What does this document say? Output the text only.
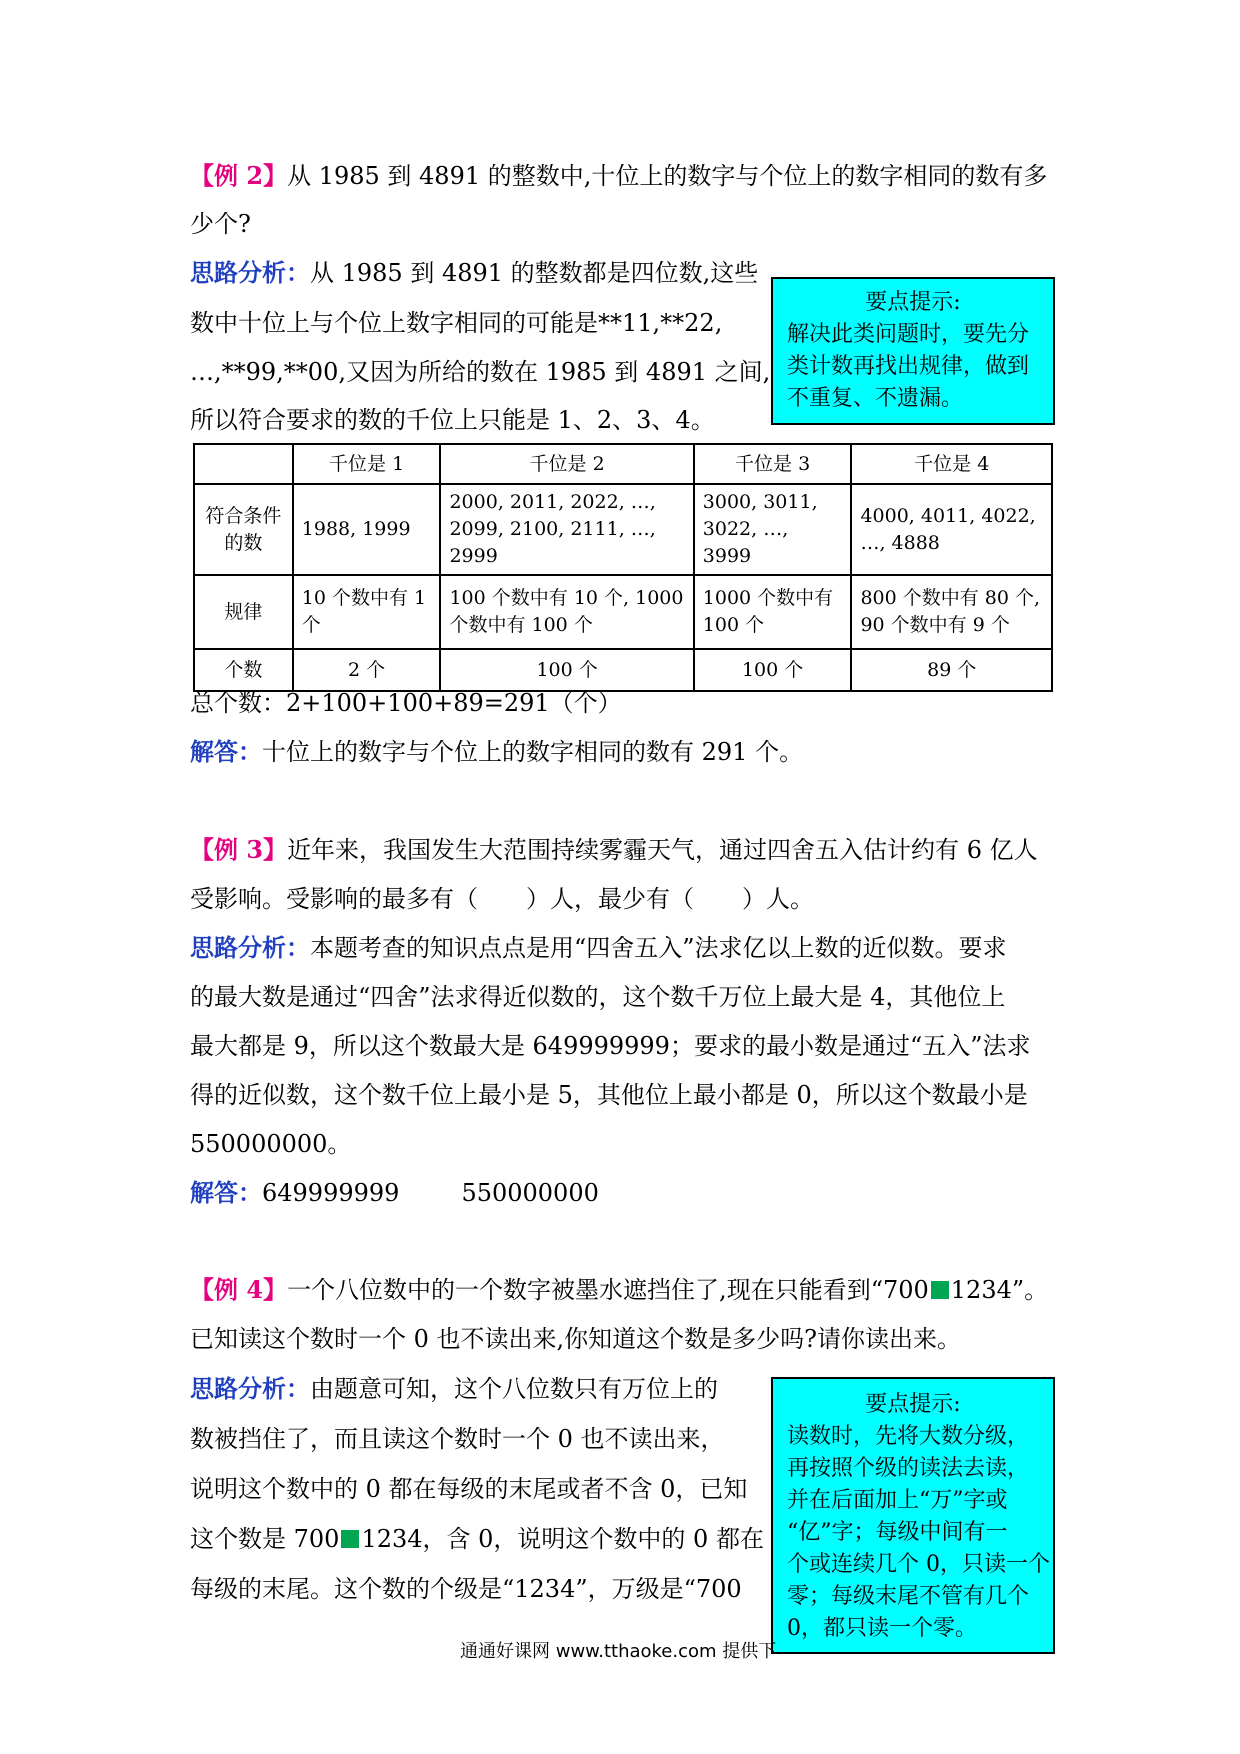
【例 2】从 1985 到 4891 的整数中,十位上的数字与个位上的数字相同的数有多
少个?
思路分析：从 1985 到 4891 的整数都是四位数,这些
数中十位上与个位上数字相同的可能是**11,**22,
…,**99,**00,又因为所给的数在 1985 到 4891 之间,
所以符合要求的数的千位上只能是 1、2、3、4。
要点提示:
解决此类问题时，要先分
类计数再找出规律，做到
不重复、不遗漏。
	千位是 1	千位是 2	千位是 3	千位是 4
符合条件的数	1988, 1999	2000, 2011, 2022, …, 2099, 2100, 2111, …, 2999	3000, 3011, 3022, …, 3999	4000, 4011, 4022, …, 4888
规律	10 个数中有 1 个	100 个数中有 10 个, 1000 个数中有 100 个	1000 个数中有 100 个	800 个数中有 80 个, 90 个数中有 9 个
个数	2 个	100 个	100 个	89 个
总个数：2+100+100+89=291（个）
解答：十位上的数字与个位上的数字相同的数有 291 个。
【例 3】近年来，我国发生大范围持续雾霾天气，通过四舍五入估计约有 6 亿人
受影响。受影响的最多有（　　）人，最少有（　　）人。
思路分析：本题考查的知识点点是用“四舍五入”法求亿以上数的近似数。要求
的最大数是通过“四舍”法求得近似数的，这个数千万位上最大是 4，其他位上
最大都是 9，所以这个数最大是 649999999；要求的最小数是通过“五入”法求
得的近似数，这个数千位上最小是 5，其他位上最小都是 0，所以这个数最小是
550000000。
解答：649999999	550000000
【例 4】一个八位数中的一个数字被墨水遮挡住了,现在只能看到“700 1234”。
已知读这个数时一个 0 也不读出来,你知道这个数是多少吗?请你读出来。
思路分析：由题意可知，这个八位数只有万位上的
数被挡住了，而且读这个数时一个 0 也不读出来，
说明这个数中的 0 都在每级的末尾或者不含 0，已知
这个数是 700 1234，含 0，说明这个数中的 0 都在
每级的末尾。这个数的个级是“1234”，万级是“700
要点提示:
读数时，先将大数分级，
再按照个级的读法去读，
并在后面加上“万”字或
“亿”字；每级中间有一
个或连续几个 0，只读一个
零；每级末尾不管有几个
0，都只读一个零。
通通好课网 www.tthaoke.com 提供下
